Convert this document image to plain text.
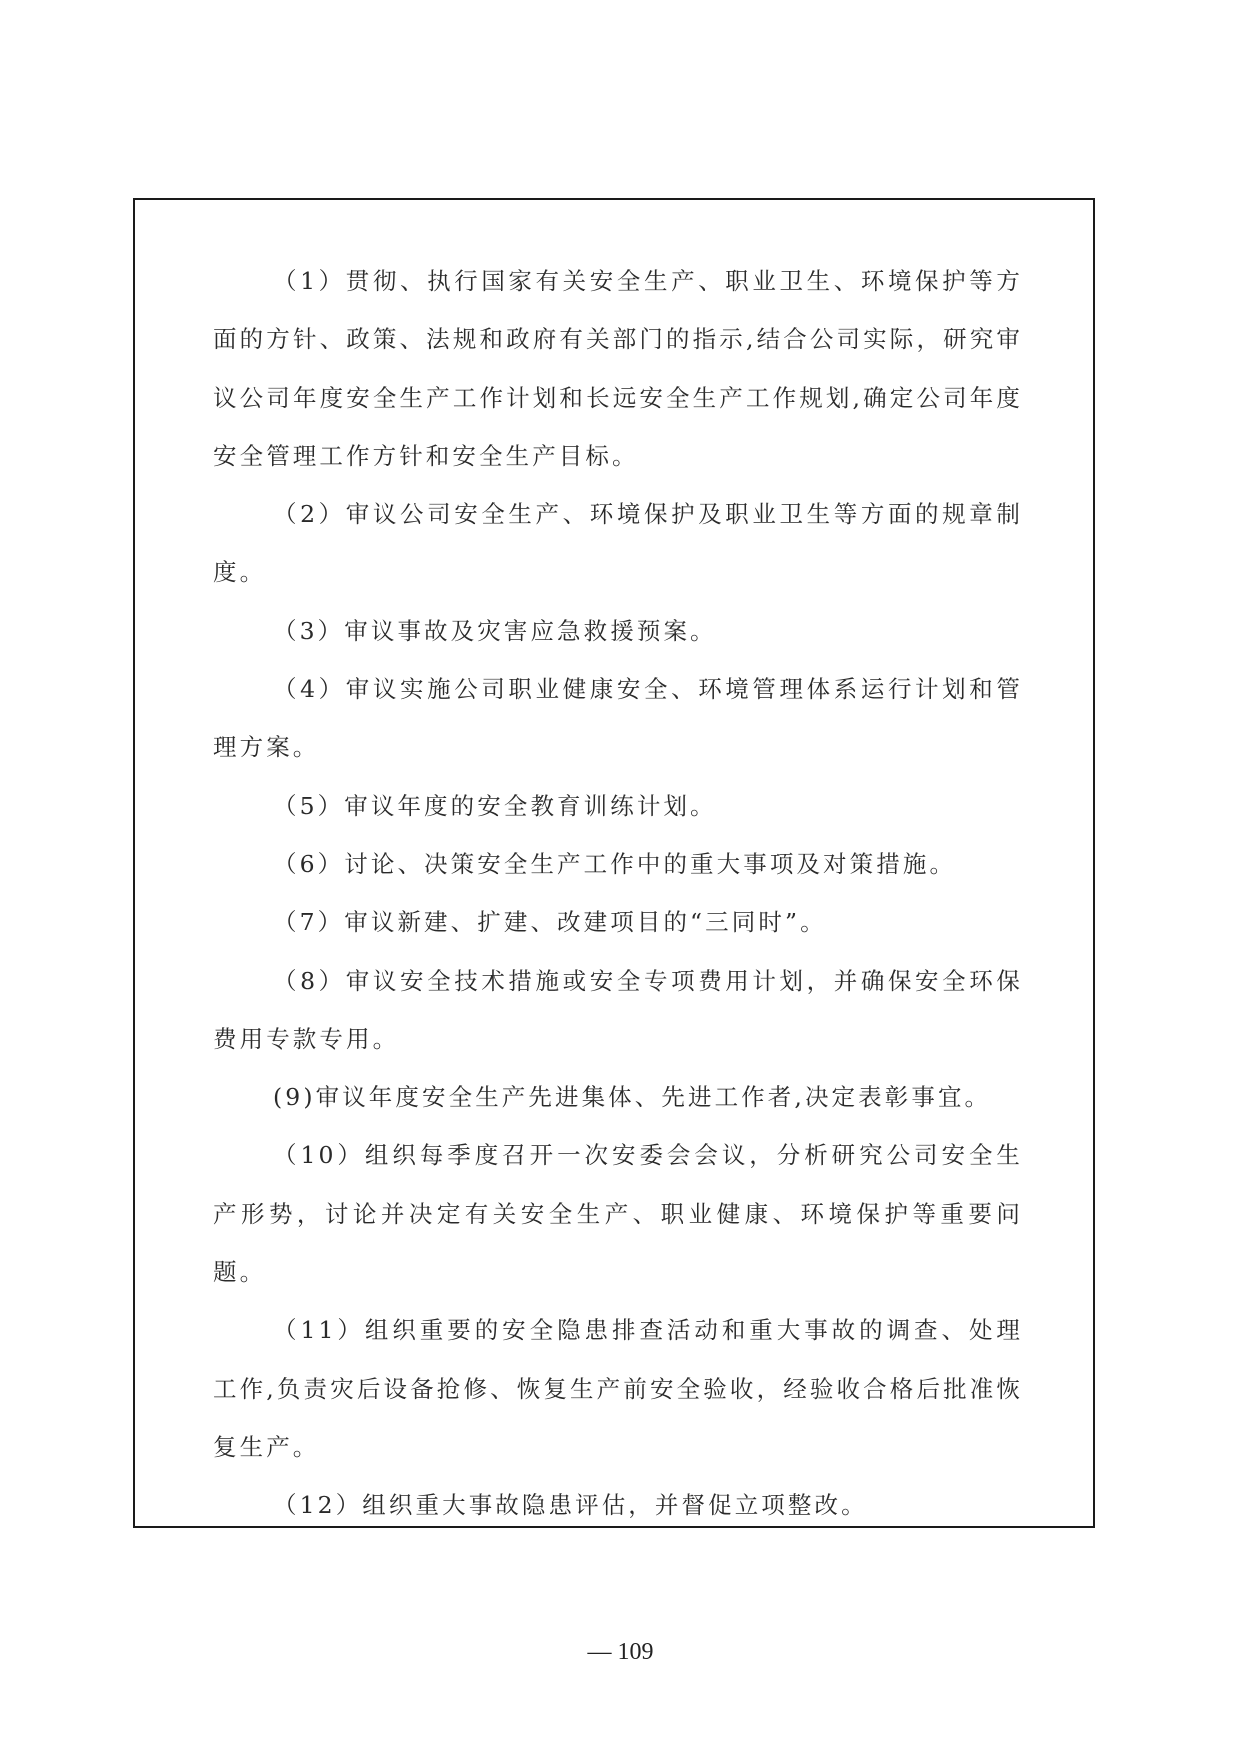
（1）贯彻、执行国家有关安全生产、职业卫生、环境保护等方面的方针、政策、法规和政府有关部门的指示,结合公司实际，研究审议公司年度安全生产工作计划和长远安全生产工作规划,确定公司年度安全管理工作方针和安全生产目标。

（2）审议公司安全生产、环境保护及职业卫生等方面的规章制度。

（3）审议事故及灾害应急救援预案。

（4）审议实施公司职业健康安全、环境管理体系运行计划和管理方案。

（5）审议年度的安全教育训练计划。

（6）讨论、决策安全生产工作中的重大事项及对策措施。

（7）审议新建、扩建、改建项目的“三同时”。

（8）审议安全技术措施或安全专项费用计划，并确保安全环保费用专款专用。

(9)审议年度安全生产先进集体、先进工作者,决定表彰事宜。

（10）组织每季度召开一次安委会会议，分析研究公司安全生产形势，讨论并决定有关安全生产、职业健康、环境保护等重要问题。

（11）组织重要的安全隐患排查活动和重大事故的调查、处理工作,负责灾后设备抢修、恢复生产前安全验收，经验收合格后批准恢复生产。

（12）组织重大事故隐患评估，并督促立项整改。

— 109
